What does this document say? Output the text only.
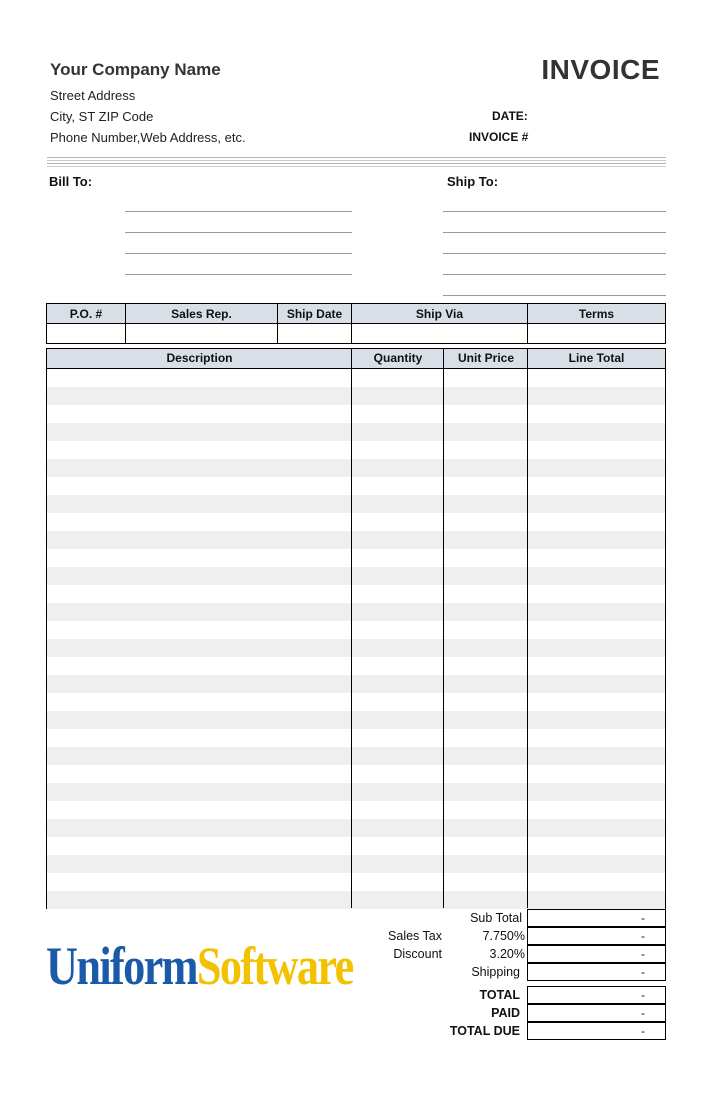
Your Company Name
Street Address
City, ST ZIP Code
Phone Number,Web Address, etc.
INVOICE
DATE:
INVOICE #
Bill To:	Ship To:
P.O. #	Sales Rep.	Ship Date	Ship Via	Terms

Description	Quantity	Unit Price	Line Total
Sub Total	-
Sales Tax	7.750%	-
Discount	3.20%	-
Shipping	-
TOTAL	-
PAID	-
TOTAL DUE	-
UniformSoftware
